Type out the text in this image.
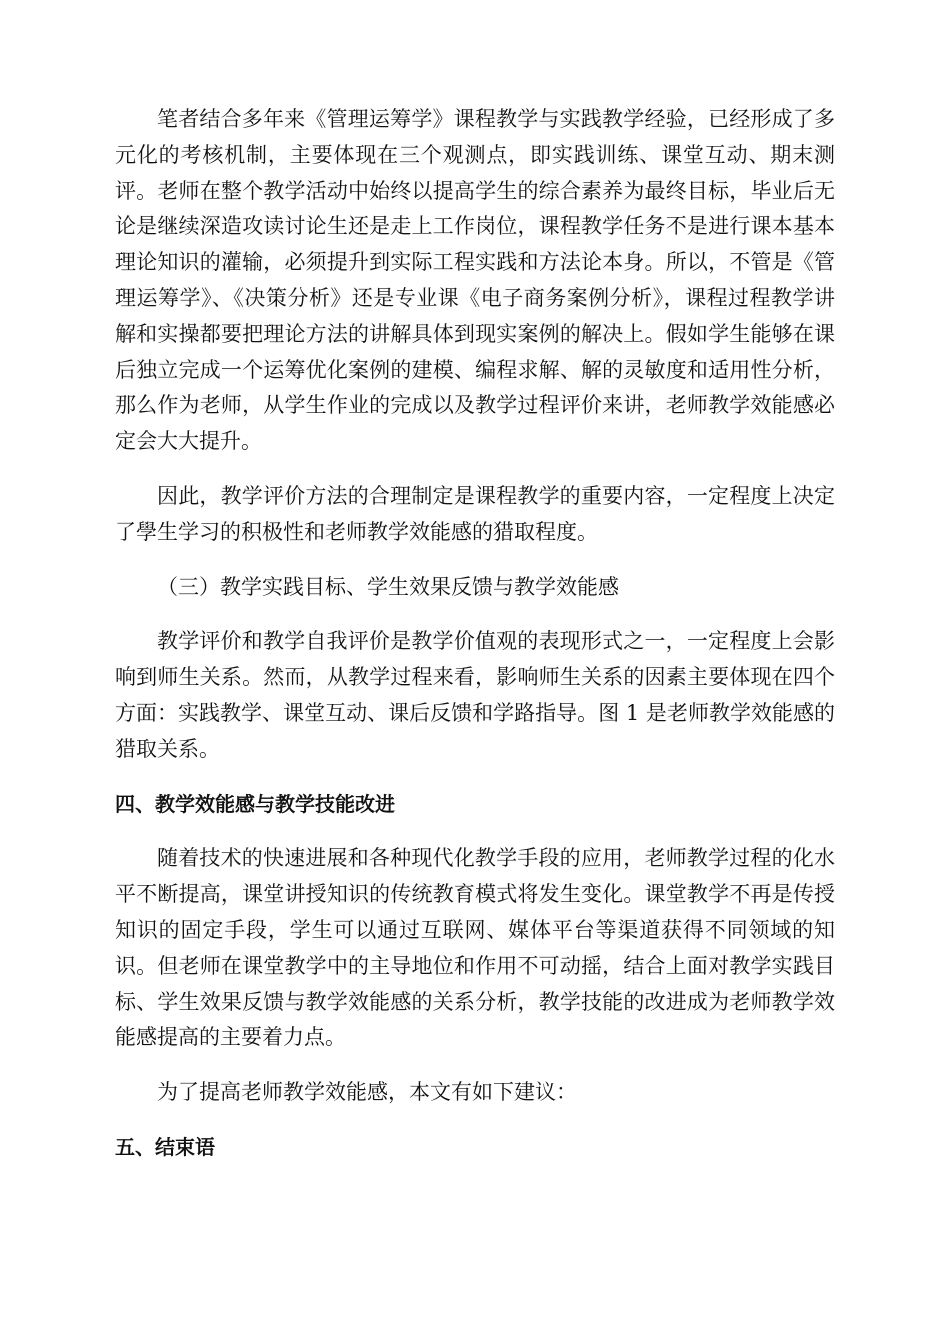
笔者结合多年来《管理运筹学》课程教学与实践教学经验，已经形成了多元化的考核机制，主要体现在三个观测点，即实践训练、课堂互动、期末测评。老师在整个教学活动中始终以提高学生的综合素养为最终目标，毕业后无论是继续深造攻读讨论生还是走上工作岗位，课程教学任务不是进行课本基本理论知识的灌输，必须提升到实际工程实践和方法论本身。所以，不管是《管理运筹学》、《决策分析》还是专业课《电子商务案例分析》，课程过程教学讲解和实操都要把理论方法的讲解具体到现实案例的解决上。假如学生能够在课后独立完成一个运筹优化案例的建模、编程求解、解的灵敏度和适用性分析，那么作为老师，从学生作业的完成以及教学过程评价来讲，老师教学效能感必定会大大提升。

因此，教学评价方法的合理制定是课程教学的重要内容，一定程度上决定了學生学习的积极性和老师教学效能感的猎取程度。

（三）教学实践目标、学生效果反馈与教学效能感

教学评价和教学自我评价是教学价值观的表现形式之一，一定程度上会影响到师生关系。然而，从教学过程来看，影响师生关系的因素主要体现在四个方面：实践教学、课堂互动、课后反馈和学路指导。图 1 是老师教学效能感的猎取关系。

四、教学效能感与教学技能改进

随着技术的快速进展和各种现代化教学手段的应用，老师教学过程的化水平不断提高，课堂讲授知识的传统教育模式将发生变化。课堂教学不再是传授知识的固定手段，学生可以通过互联网、媒体平台等渠道获得不同领域的知识。但老师在课堂教学中的主导地位和作用不可动摇，结合上面对教学实践目标、学生效果反馈与教学效能感的关系分析，教学技能的改进成为老师教学效能感提高的主要着力点。

为了提高老师教学效能感，本文有如下建议：

五、结束语
